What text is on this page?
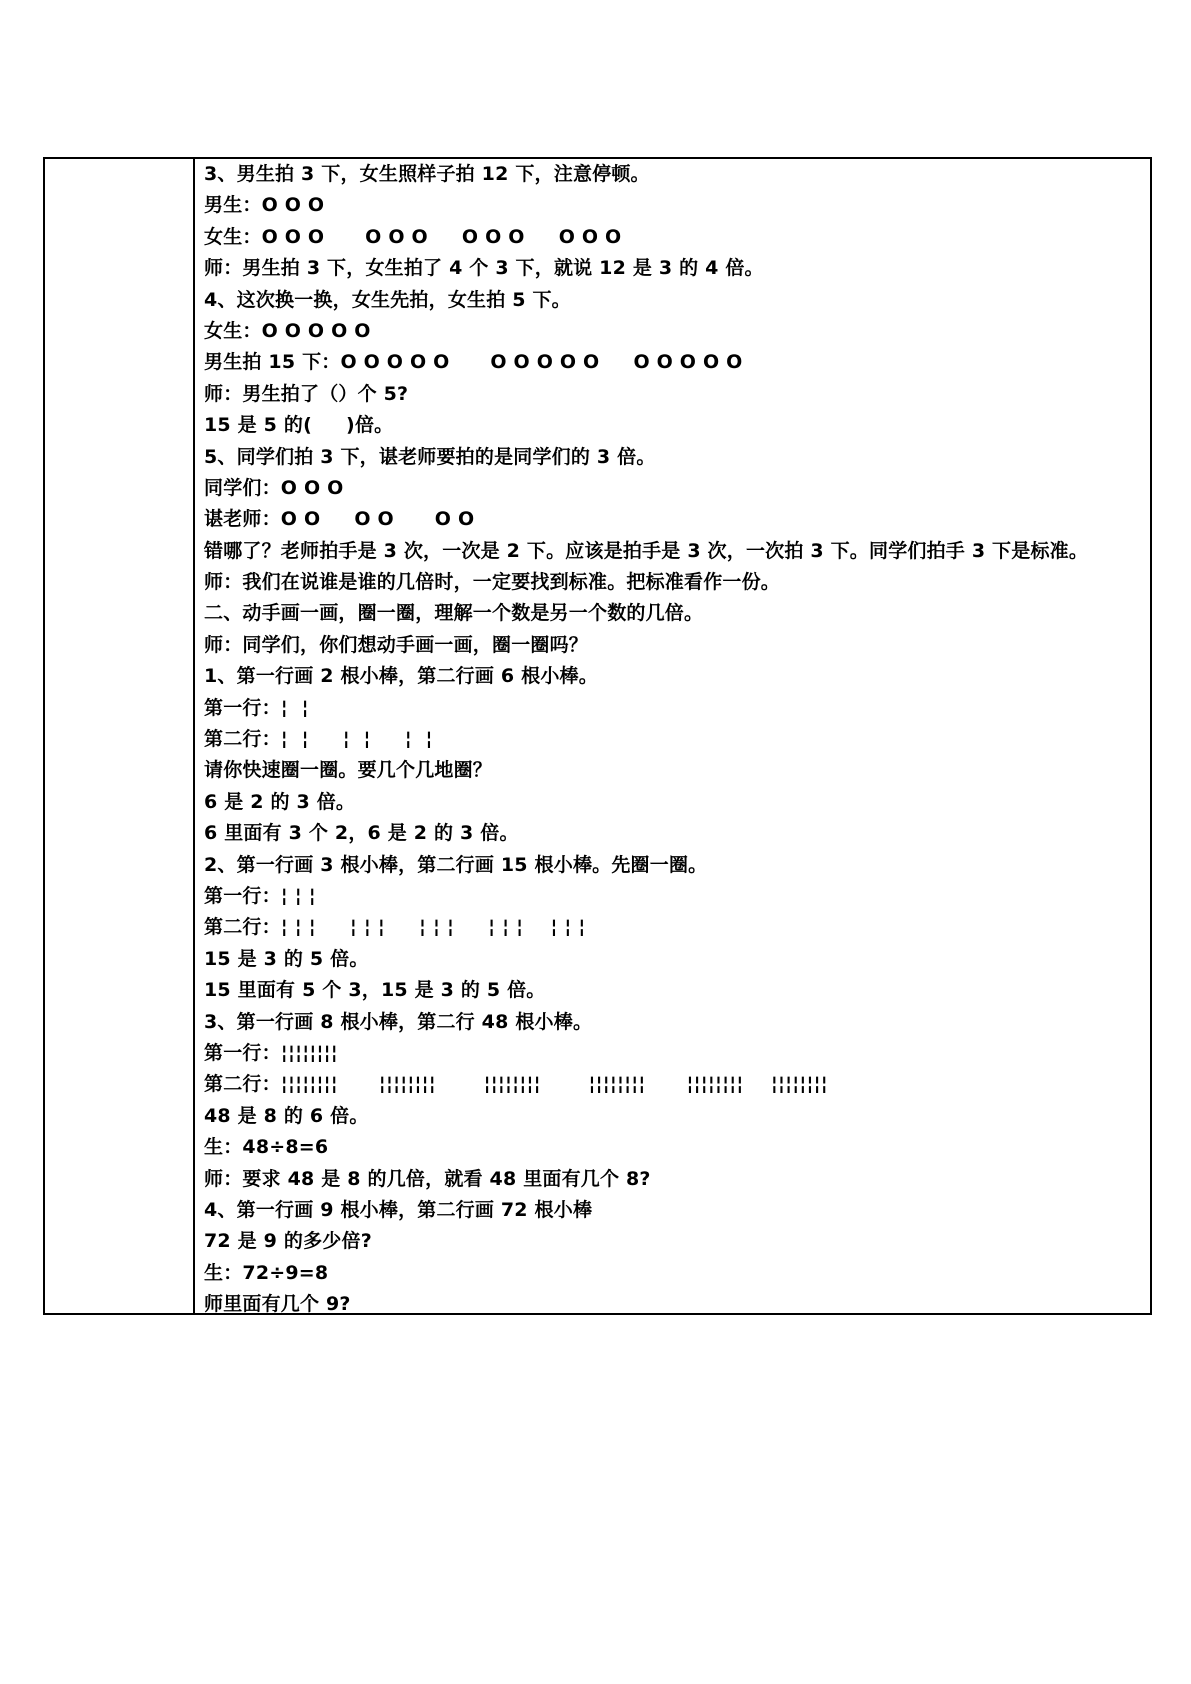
3、男生拍 3 下，女生照样子拍 12 下，注意停顿。
男生：O O O
女生：O O O      O O O     O O O     O O O
师：男生拍 3 下，女生拍了 4 个 3 下，就说 12 是 3 的 4 倍。
4、这次换一换，女生先拍，女生拍 5 下。
女生：O O O O O
男生拍 15 下：O O O O O      O O O O O     O O O O O
师：男生拍了（）个 5?
15 是 5 的(     )倍。
5、同学们拍 3 下，谌老师要拍的是同学们的 3 倍。
同学们：O O O
谌老师：O O     O O      O O
错哪了？老师拍手是 3 次，一次是 2 下。应该是拍手是 3 次，一次拍 3 下。同学们拍手 3 下是标准。
师：我们在说谁是谁的几倍时，一定要找到标准。把标准看作一份。
二、动手画一画，圈一圈，理解一个数是另一个数的几倍。
师：同学们，你们想动手画一画，圈一圈吗？
1、第一行画 2 根小棒，第二行画 6 根小棒。
第一行：¦  ¦
第二行：¦  ¦     ¦  ¦     ¦  ¦
请你快速圈一圈。要几个几地圈？
6 是 2 的 3 倍。
6 里面有 3 个 2，6 是 2 的 3 倍。
2、第一行画 3 根小棒，第二行画 15 根小棒。先圈一圈。
第一行：¦ ¦ ¦
第二行：¦ ¦ ¦     ¦ ¦ ¦     ¦ ¦ ¦     ¦ ¦ ¦    ¦ ¦ ¦
15 是 3 的 5 倍。
15 里面有 5 个 3，15 是 3 的 5 倍。
3、第一行画 8 根小棒，第二行 48 根小棒。
第一行：¦¦¦¦¦¦¦¦
第二行：¦¦¦¦¦¦¦¦      ¦¦¦¦¦¦¦¦       ¦¦¦¦¦¦¦¦       ¦¦¦¦¦¦¦¦      ¦¦¦¦¦¦¦¦    ¦¦¦¦¦¦¦¦
48 是 8 的 6 倍。
生：48÷8=6
师：要求 48 是 8 的几倍，就看 48 里面有几个 8?
4、第一行画 9 根小棒，第二行画 72 根小棒
72 是 9 的多少倍?
生：72÷9=8
师里面有几个 9?
